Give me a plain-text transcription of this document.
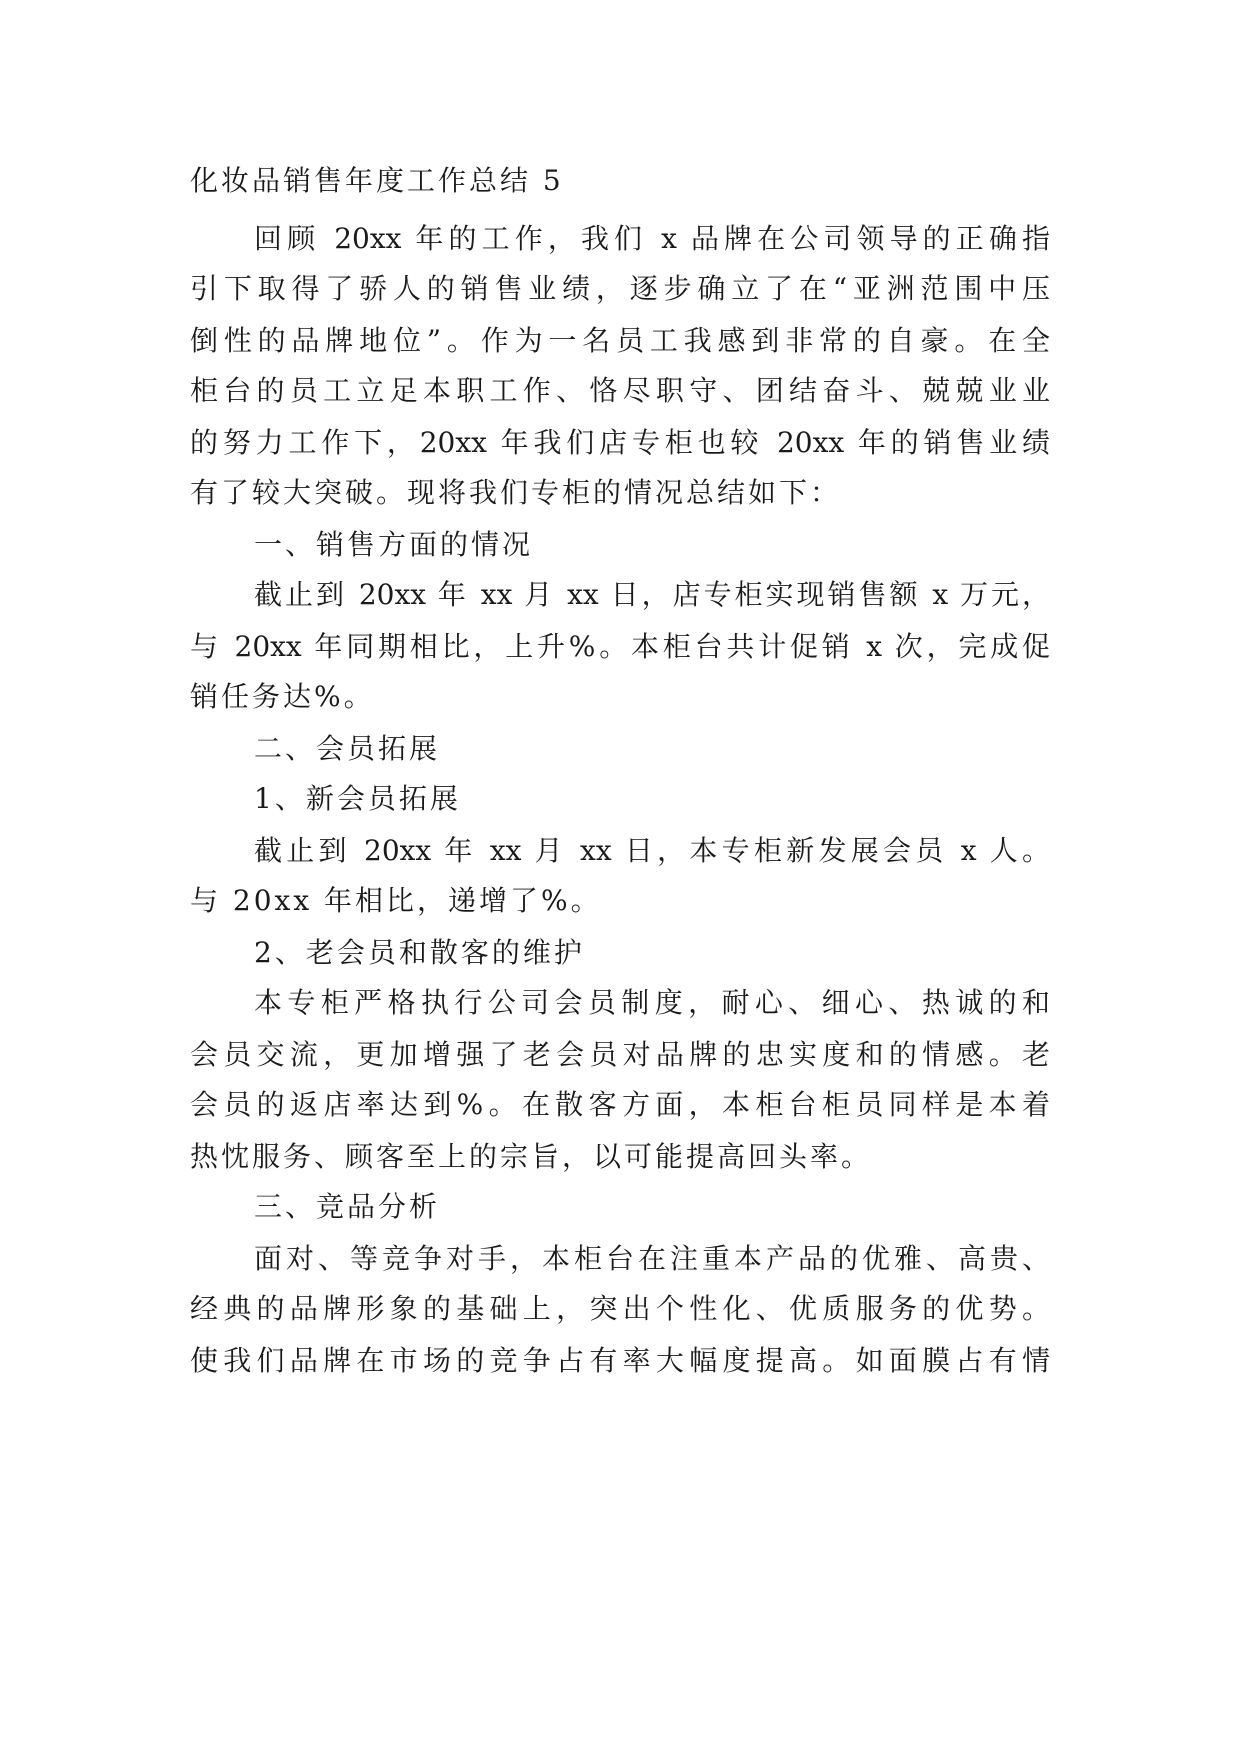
化妆品销售年度工作总结 5
回顾 20xx 年的工作，我们 x 品牌在公司领导的正确指
引下取得了骄人的销售业绩，逐步确立了在“亚洲范围中压
倒性的品牌地位”。作为一名员工我感到非常的自豪。在全
柜台的员工立足本职工作、恪尽职守、团结奋斗、兢兢业业
的努力工作下，20xx 年我们店专柜也较 20xx 年的销售业绩
有了较大突破。现将我们专柜的情况总结如下：
一、销售方面的情况
截止到 20xx 年 xx 月 xx 日，店专柜实现销售额 x 万元，
与 20xx 年同期相比，上升%。本柜台共计促销 x 次，完成促
销任务达%。
二、会员拓展
1、新会员拓展
截止到 20xx 年 xx 月 xx 日，本专柜新发展会员 x 人。
与 20xx 年相比，递增了%。
2、老会员和散客的维护
本专柜严格执行公司会员制度，耐心、细心、热诚的和
会员交流，更加增强了老会员对品牌的忠实度和的情感。老
会员的返店率达到%。在散客方面，本柜台柜员同样是本着
热忱服务、顾客至上的宗旨，以可能提高回头率。
三、竞品分析
面对、等竞争对手，本柜台在注重本产品的优雅、高贵、
经典的品牌形象的基础上，突出个性化、优质服务的优势。
使我们品牌在市场的竞争占有率大幅度提高。如面膜占有情
